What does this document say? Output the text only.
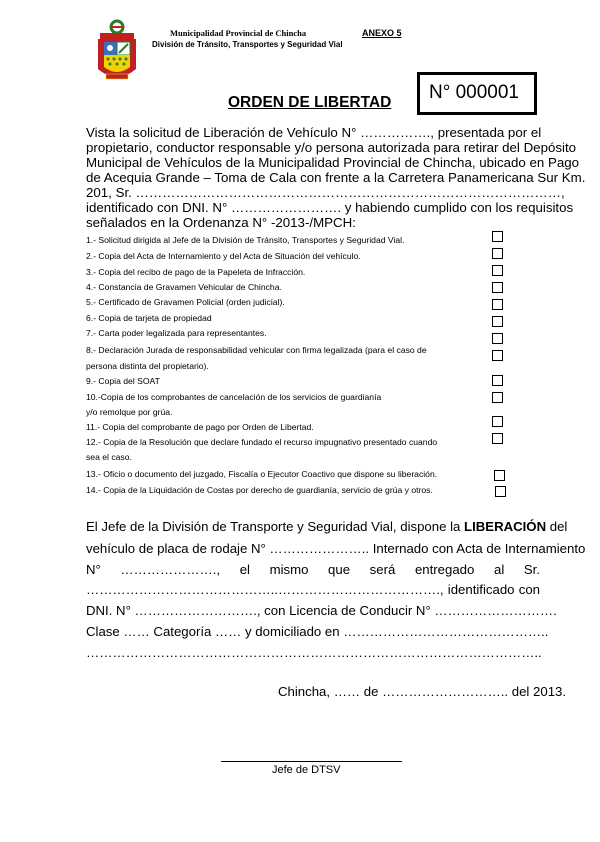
Municipalidad Provincial de Chincha
División de Tránsito, Transportes y Seguridad Vial
ANEXO 5
N° 000001
ORDEN DE LIBERTAD
Vista la solicitud de Liberación de Vehículo N° ……………., presentada por el
propietario, conductor responsable y/o persona autorizada para retirar del Depósito
Municipal de Vehículos de la Municipalidad Provincial de Chincha, ubicado en Pago
de Acequia Grande – Toma de Cala con frente a la Carretera Panamericana Sur Km.
201, Sr. ……………………………………………………………………………………,
identificado con DNI. N° ……………………. y habiendo cumplido con los requisitos
señalados en la Ordenanza N° -2013-/MPCH:
1.- Solicitud dirigida al Jefe de la División de Tránsito, Transportes y Seguridad Vial.
2.- Copia del Acta de Internamiento y del Acta de Situación del vehículo.
3.- Copia del recibo de pago de la Papeleta de Infracción.
4.- Constancia de Gravamen Vehicular de Chincha.
5.- Certificado de Gravamen Policial (orden judicial).
6.- Copia de tarjeta de propiedad
7.- Carta poder legalizada para representantes.
8.- Declaración Jurada de responsabilidad vehicular con firma legalizada (para el caso de
persona distinta del propietario).
9.- Copia del SOAT
10.-Copia de los comprobantes de cancelación de los servicios de guardianía
y/o remolque por grúa.
11.- Copia del comprobante de pago por Orden de Libertad.
12.- Copia de la Resolución que declare fundado el recurso impugnativo presentado cuando
sea el caso.
13.- Oficio o documento del juzgado, Fiscalía o Ejecutor Coactivo que dispone su liberación.
14.- Copia de la Liquidación de Costas por derecho de guardianía, servicio de grúa y otros.
El Jefe de la División de Transporte y Seguridad Vial, dispone la LIBERACIÓN del
vehículo de placa de rodaje N° ………………….. Internado con Acta de Internamiento
N° …………………., el mismo que será entregado al Sr.
……………………………………..………………………………., identificado con
DNI. N° ………………………., con Licencia de Conducir N° ……………………….
Clase …… Categoría …… y domiciliado en ………………………………………..
…………………………………………………………………………………………..
Chincha, …… de ……………………….. del 2013.
Jefe de DTSV
